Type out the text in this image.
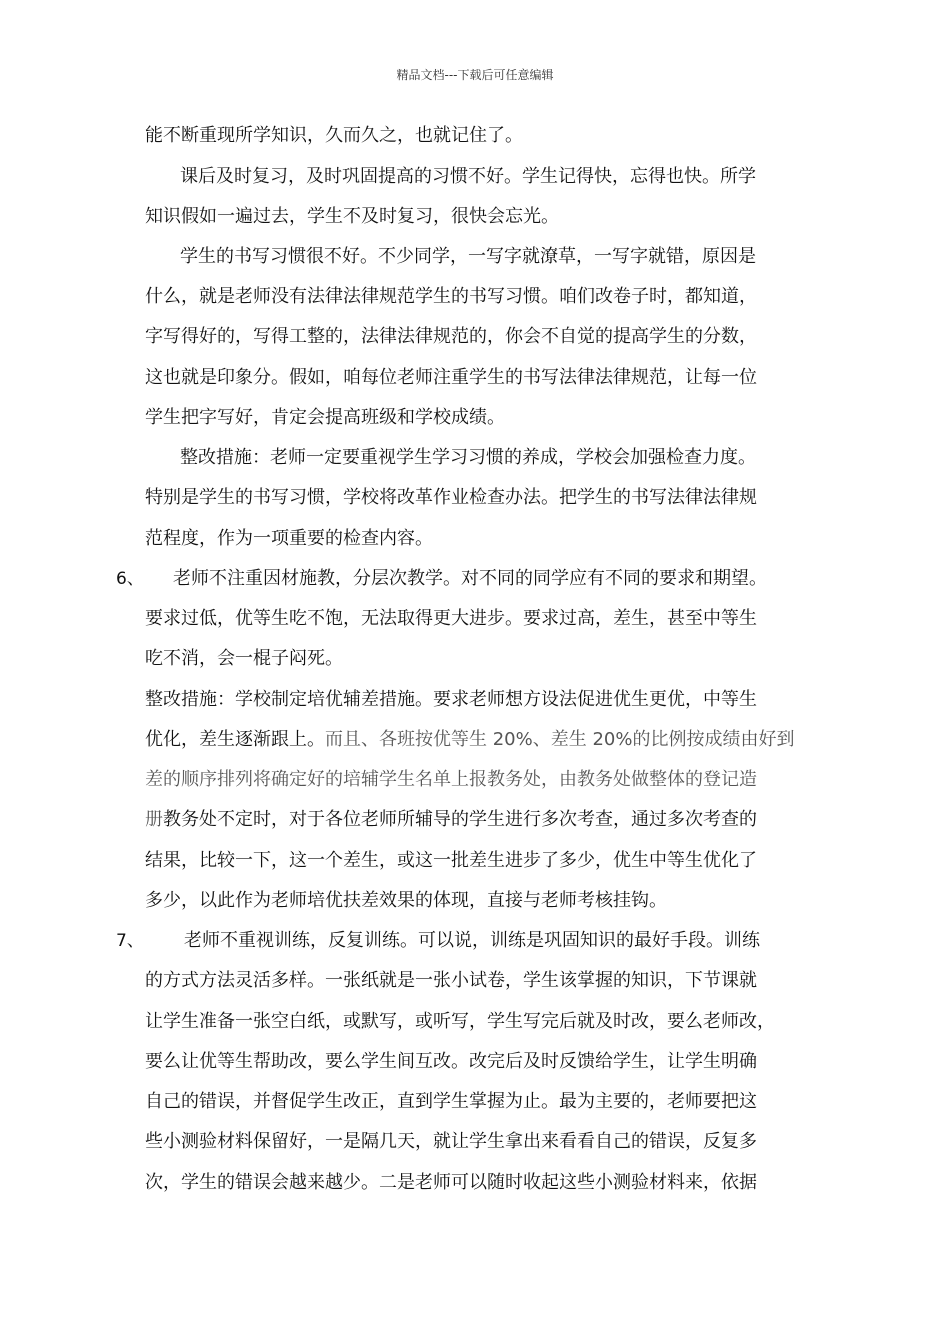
精品文档---下载后可任意编辑
能不断重现所学知识，久而久之，也就记住了。
课后及时复习，及时巩固提高的习惯不好。学生记得快，忘得也快。所学
知识假如一遍过去，学生不及时复习，很快会忘光。
学生的书写习惯很不好。不少同学，一写字就潦草，一写字就错，原因是
什么，就是老师没有法律法律规范学生的书写习惯。咱们改卷子时，都知道，
字写得好的，写得工整的，法律法律规范的，你会不自觉的提高学生的分数，
这也就是印象分。假如，咱每位老师注重学生的书写法律法律规范，让每一位
学生把字写好，肯定会提高班级和学校成绩。
整改措施：老师一定要重视学生学习习惯的养成，学校会加强检查力度。
特别是学生的书写习惯，学校将改革作业检查办法。把学生的书写法律法律规
范程度，作为一项重要的检查内容。
6、 老师不注重因材施教，分层次教学。对不同的同学应有不同的要求和期望。
要求过低，优等生吃不饱，无法取得更大进步。要求过高，差生，甚至中等生
吃不消，会一棍子闷死。
整改措施：学校制定培优辅差措施。要求老师想方设法促进优生更优，中等生
优化，差生逐渐跟上。而且、各班按优等生 20%、差生 20%的比例按成绩由好到
差的顺序排列将确定好的培辅学生名单上报教务处，由教务处做整体的登记造
册教务处不定时，对于各位老师所辅导的学生进行多次考查，通过多次考查的
结果，比较一下，这一个差生，或这一批差生进步了多少，优生中等生优化了
多少，以此作为老师培优扶差效果的体现，直接与老师考核挂钩。
7、 老师不重视训练，反复训练。可以说，训练是巩固知识的最好手段。训练
的方式方法灵活多样。一张纸就是一张小试卷，学生该掌握的知识，下节课就
让学生准备一张空白纸，或默写，或听写，学生写完后就及时改，要么老师改，
要么让优等生帮助改，要么学生间互改。改完后及时反馈给学生，让学生明确
自己的错误，并督促学生改正，直到学生掌握为止。最为主要的，老师要把这
些小测验材料保留好，一是隔几天，就让学生拿出来看看自己的错误，反复多
次，学生的错误会越来越少。二是老师可以随时收起这些小测验材料来，依据
